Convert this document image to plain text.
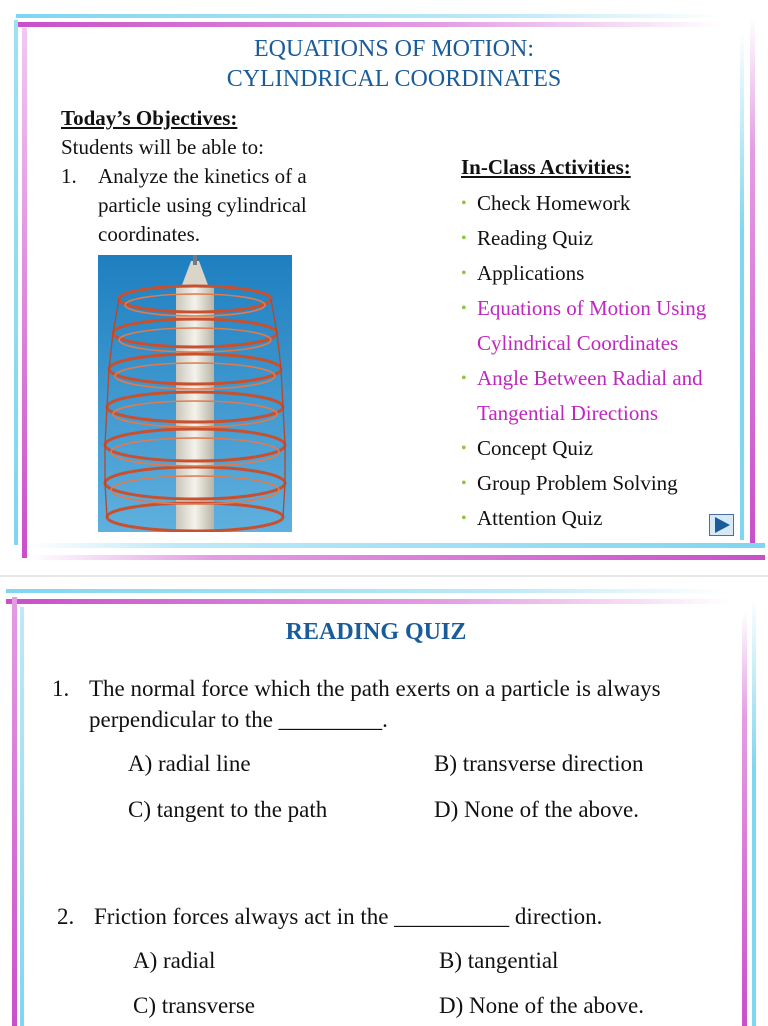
EQUATIONS OF MOTION:
CYLINDRICAL COORDINATES
Today’s Objectives:
Students will be able to:
1. Analyze the kinetics of a particle using cylindrical coordinates.
In-Class Activities:
• Check Homework
• Reading Quiz
• Applications
• Equations of Motion Using Cylindrical Coordinates
• Angle Between Radial and Tangential Directions
• Concept Quiz
• Group Problem Solving
• Attention Quiz
READING QUIZ
1. The normal force which the path exerts on a particle is always perpendicular to the _________.
A) radial line	B) transverse direction
C) tangent to the path	D) None of the above.
2. Friction forces always act in the __________ direction.
A) radial	B) tangential
C) transverse	D) None of the above.
